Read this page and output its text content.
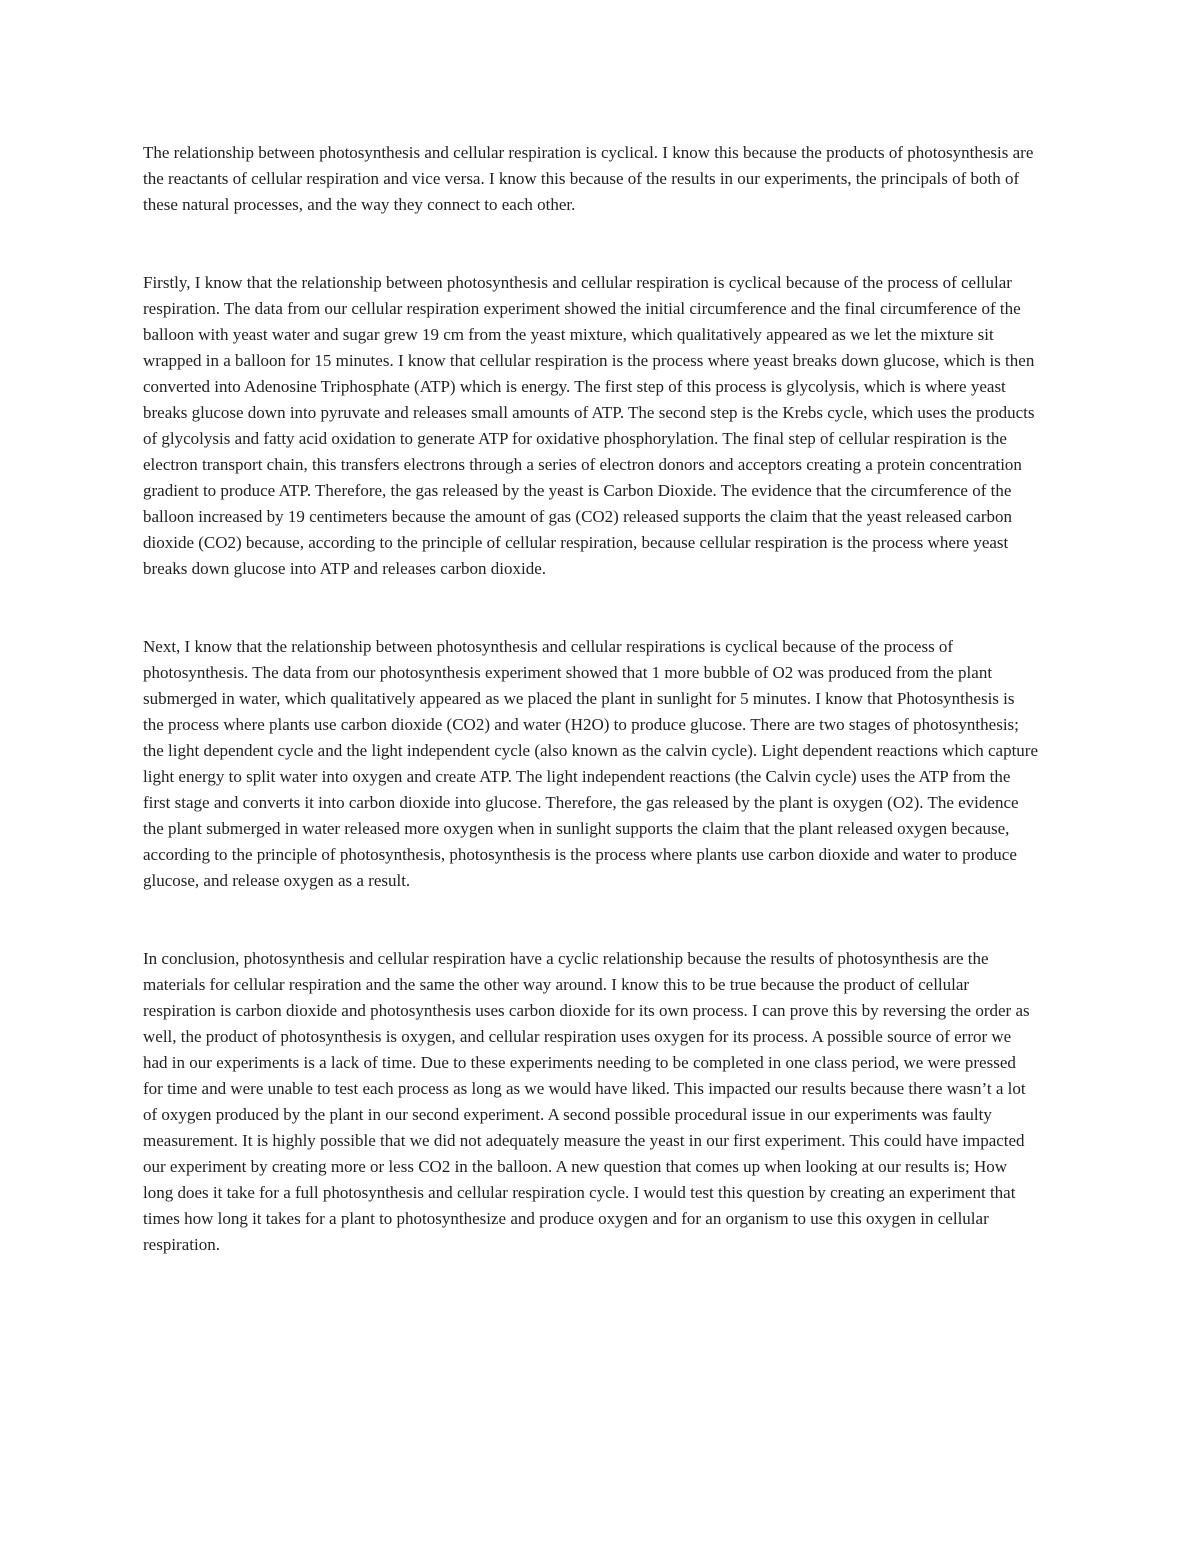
The relationship between photosynthesis and cellular respiration is cyclical. I know this because the products of photosynthesis are the reactants of cellular respiration and vice versa. I know this because of the results in our experiments, the principals of both of these natural processes, and the way they connect to each other.

Firstly, I know that the relationship between photosynthesis and cellular respiration is cyclical because of the process of cellular respiration. The data from our cellular respiration experiment showed the initial circumference and the final circumference of the balloon with yeast water and sugar grew 19 cm from the yeast mixture, which qualitatively appeared as we let the mixture sit wrapped in a balloon for 15 minutes. I know that cellular respiration is the process where yeast breaks down glucose, which is then converted into Adenosine Triphosphate (ATP) which is energy. The first step of this process is glycolysis, which is where yeast breaks glucose down into pyruvate and releases small amounts of ATP. The second step is the Krebs cycle, which uses the products of glycolysis and fatty acid oxidation to generate ATP for oxidative phosphorylation. The final step of cellular respiration is the electron transport chain, this transfers electrons through a series of electron donors and acceptors creating a protein concentration gradient to produce ATP. Therefore, the gas released by the yeast is Carbon Dioxide. The evidence that the circumference of the balloon increased by 19 centimeters because the amount of gas (CO2) released supports the claim that the yeast released carbon dioxide (CO2) because, according to the principle of cellular respiration, because cellular respiration is the process where yeast breaks down glucose into ATP and releases carbon dioxide.

Next, I know that the relationship between photosynthesis and cellular respirations is cyclical because of the process of photosynthesis. The data from our photosynthesis experiment showed that 1 more bubble of O2 was produced from the plant submerged in water, which qualitatively appeared as we placed the plant in sunlight for 5 minutes. I know that Photosynthesis is the process where plants use carbon dioxide (CO2) and water (H2O) to produce glucose. There are two stages of photosynthesis; the light dependent cycle and the light independent cycle (also known as the calvin cycle). Light dependent reactions which capture light energy to split water into oxygen and create ATP. The light independent reactions (the Calvin cycle) uses the ATP from the first stage and converts it into carbon dioxide into glucose. Therefore, the gas released by the plant is oxygen (O2). The evidence the plant submerged in water released more oxygen when in sunlight supports the claim that the plant released oxygen because, according to the principle of photosynthesis, photosynthesis is the process where plants use carbon dioxide and water to produce glucose, and release oxygen as a result.

In conclusion, photosynthesis and cellular respiration have a cyclic relationship because the results of photosynthesis are the materials for cellular respiration and the same the other way around. I know this to be true because the product of cellular respiration is carbon dioxide and photosynthesis uses carbon dioxide for its own process. I can prove this by reversing the order as well, the product of photosynthesis is oxygen, and cellular respiration uses oxygen for its process. A possible source of error we had in our experiments is a lack of time. Due to these experiments needing to be completed in one class period, we were pressed for time and were unable to test each process as long as we would have liked. This impacted our results because there wasn’t a lot of oxygen produced by the plant in our second experiment. A second possible procedural issue in our experiments was faulty measurement. It is highly possible that we did not adequately measure the yeast in our first experiment. This could have impacted our experiment by creating more or less CO2 in the balloon. A new question that comes up when looking at our results is; How long does it take for a full photosynthesis and cellular respiration cycle. I would test this question by creating an experiment that times how long it takes for a plant to photosynthesize and produce oxygen and for an organism to use this oxygen in cellular respiration.
